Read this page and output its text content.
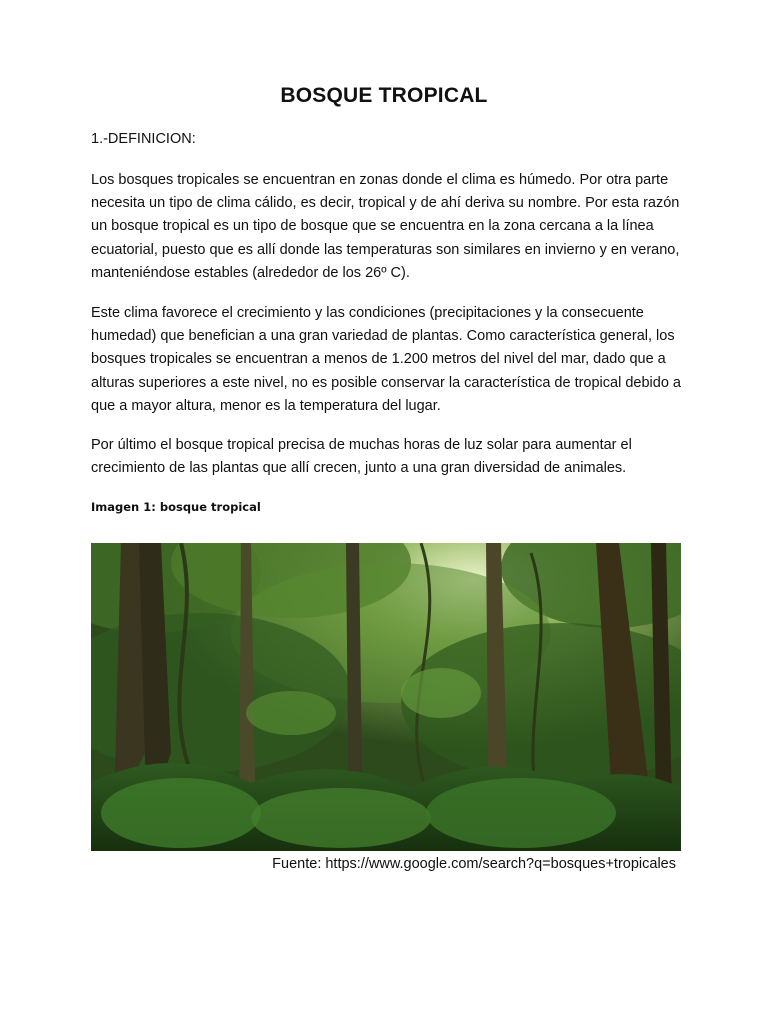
BOSQUE TROPICAL
1.-DEFINICION:

Los bosques tropicales se encuentran en zonas donde el clima es húmedo. Por otra parte necesita un tipo de clima cálido, es decir, tropical y de ahí deriva su nombre. Por esta razón un bosque tropical es un tipo de bosque que se encuentra en la zona cercana a la línea ecuatorial, puesto que es allí donde las temperaturas son similares en invierno y en verano, manteniéndose estables (alrededor de los 26º C).

Este clima favorece el crecimiento y las condiciones (precipitaciones y la consecuente humedad) que benefician a una gran variedad de plantas. Como característica general, los bosques tropicales se encuentran a menos de 1.200 metros del nivel del mar, dado que a alturas superiores a este nivel, no es posible conservar la característica de tropical debido a que a mayor altura, menor es la temperatura del lugar.

Por último el bosque tropical precisa de muchas horas de luz solar para aumentar el crecimiento de las plantas que allí crecen, junto a una gran diversidad de animales.

Imagen 1: bosque tropical
Fuente: https://www.google.com/search?q=bosques+tropicales
